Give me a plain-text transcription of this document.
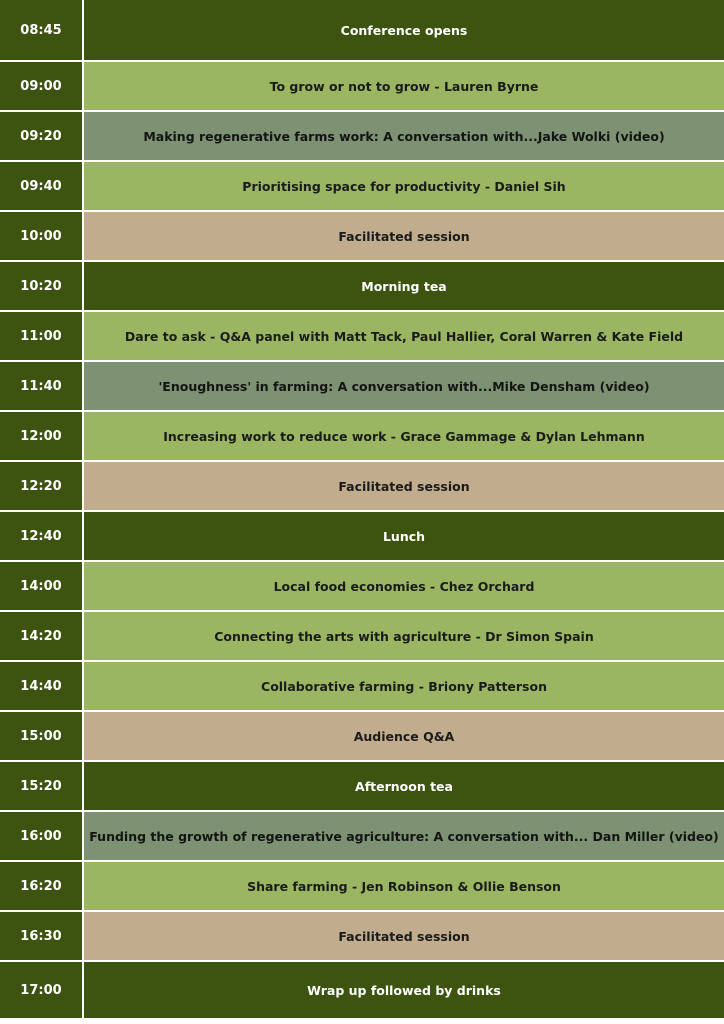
08:45	Conference opens
09:00	To grow or not to grow - Lauren Byrne
09:20	Making regenerative farms work: A conversation with...Jake Wolki (video)
09:40	Prioritising space for productivity - Daniel Sih
10:00	Facilitated session
10:20	Morning tea
11:00	Dare to ask - Q&A panel with Matt Tack, Paul Hallier, Coral Warren & Kate Field
11:40	'Enoughness' in farming: A conversation with...Mike Densham (video)
12:00	Increasing work to reduce work - Grace Gammage & Dylan Lehmann
12:20	Facilitated session
12:40	Lunch
14:00	Local food economies - Chez Orchard
14:20	Connecting the arts with agriculture - Dr Simon Spain
14:40	Collaborative farming - Briony Patterson
15:00	Audience Q&A
15:20	Afternoon tea
16:00	Funding the growth of regenerative agriculture: A conversation with... Dan Miller (video)
16:20	Share farming - Jen Robinson & Ollie Benson
16:30	Facilitated session
17:00	Wrap up followed by drinks
